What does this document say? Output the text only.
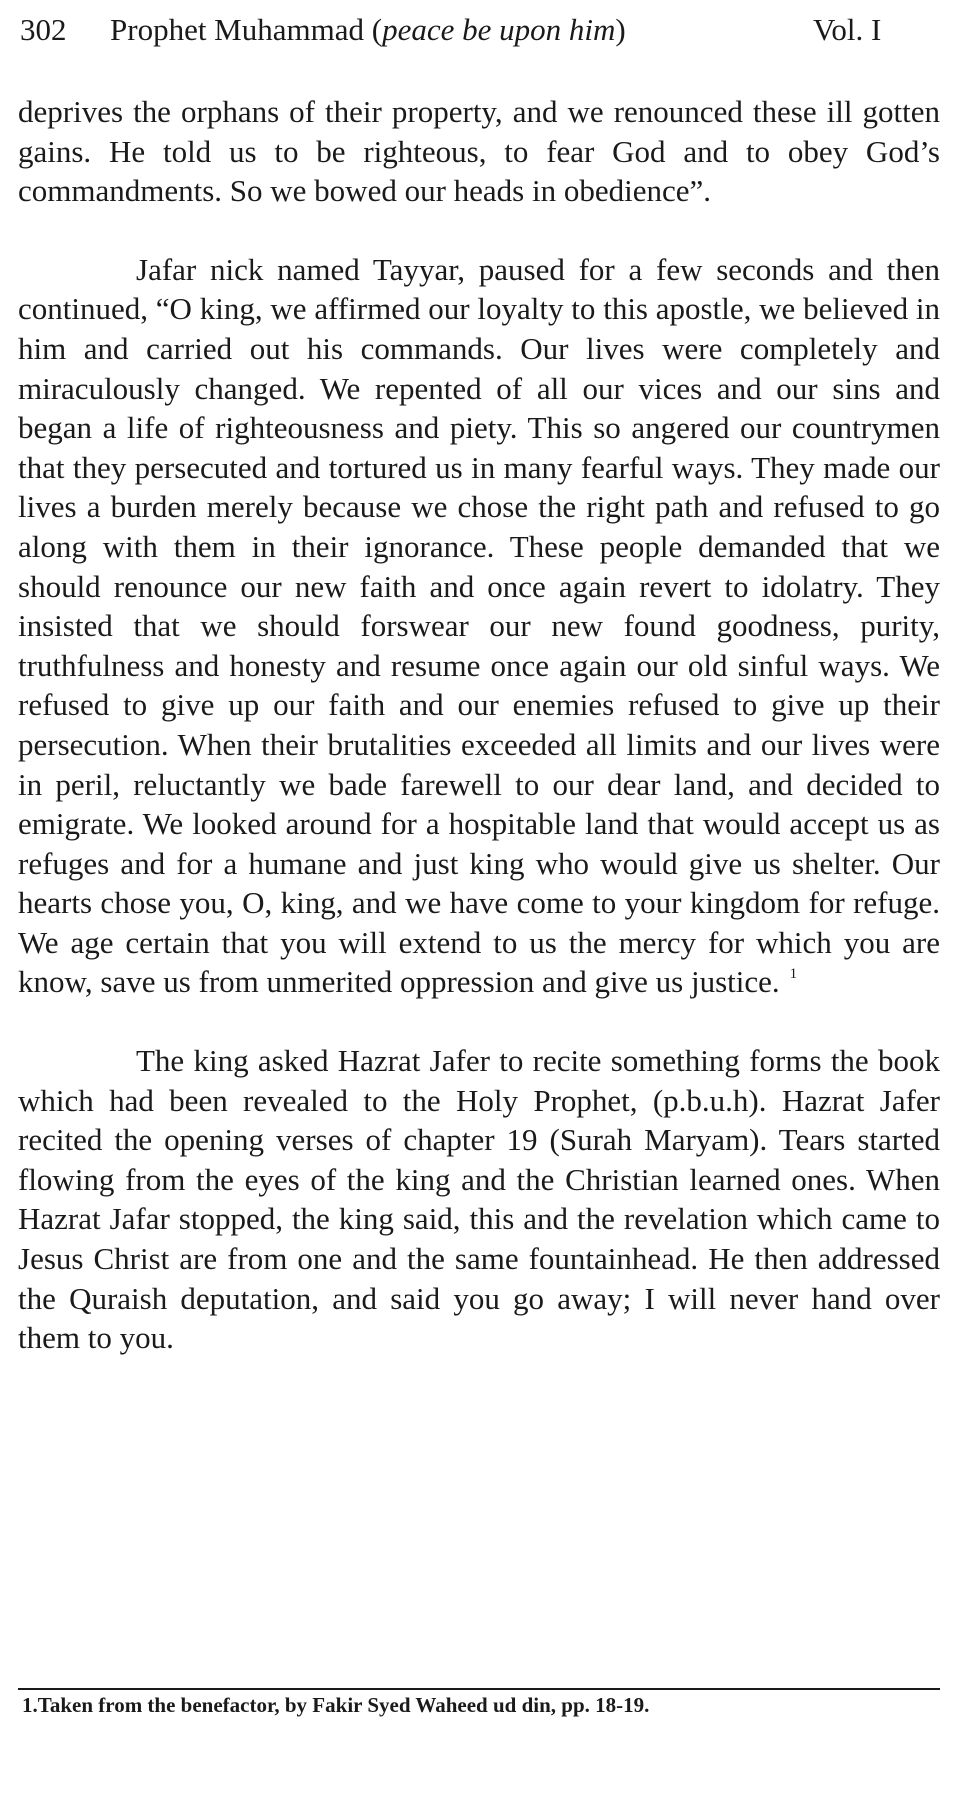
302 Prophet Muhammad (peace be upon him)	Vol. I

deprives the orphans of their property, and we renounced these ill gotten gains. He told us to be righteous, to fear God and to obey God’s commandments. So we bowed our heads in obedience”.

Jafar nick named Tayyar, paused for a few seconds and then continued, “O king, we affirmed our loyalty to this apostle, we believed in him and carried out his commands. Our lives were completely and miraculously changed. We repented of all our vices and our sins and began a life of righteousness and piety. This so angered our countrymen that they persecuted and tortured us in many fearful ways. They made our lives a burden merely because we chose the right path and refused to go along with them in their ignorance. These people demanded that we should renounce our new faith and once again revert to idolatry. They insisted that we should forswear our new found goodness, purity, truthfulness and honesty and resume once again our old sinful ways. We refused to give up our faith and our enemies refused to give up their persecution. When their brutalities exceeded all limits and our lives were in peril, reluctantly we bade farewell to our dear land, and decided to emigrate. We looked around for a hospitable land that would accept us as refuges and for a humane and just king who would give us shelter. Our hearts chose you, O, king, and we have come to your kingdom for refuge. We age certain that you will extend to us the mercy for which you are know, save us from unmerited oppression and give us justice. $^1$

The king asked Hazrat Jafer to recite something forms the book which had been revealed to the Holy Prophet, (p.b.u.h). Hazrat Jafer recited the opening verses of chapter 19 (Surah Maryam). Tears started flowing from the eyes of the king and the Christian learned ones. When Hazrat Jafar stopped, the king said, this and the revelation which came to Jesus Christ are from one and the same fountainhead. He then addressed the Quraish deputation, and said you go away; I will never hand over them to you.

1.Taken from the benefactor, by Fakir Syed Waheed ud din, pp. 18-19.
